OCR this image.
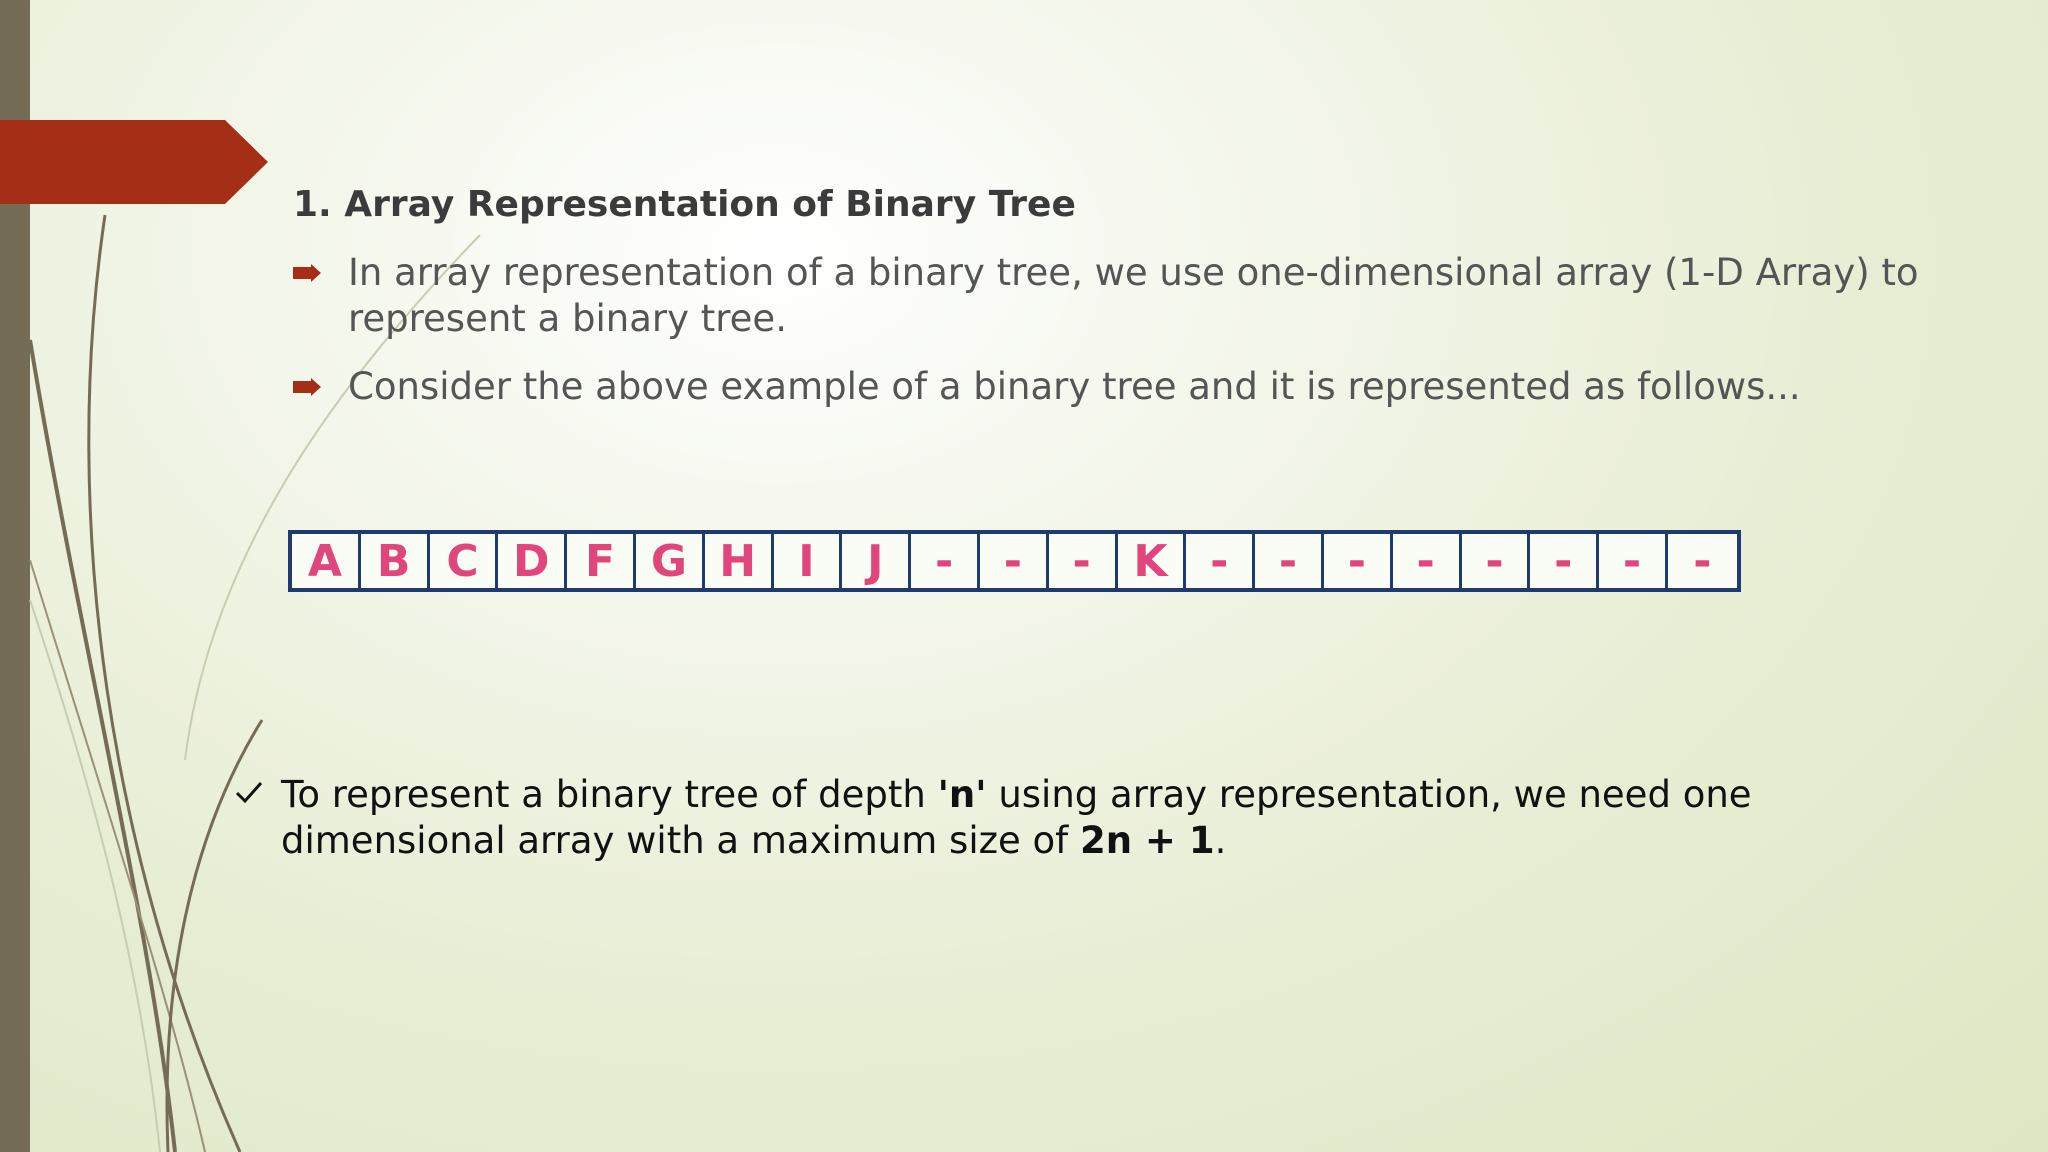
1. Array Representation of Binary Tree
In array representation of a binary tree, we use one-dimensional array (1-D Array) to represent a binary tree.
Consider the above example of a binary tree and it is represented as follows...
A B C D F G H I	J	-	-	- K -	-	-	-	-	-	-	-
To represent a binary tree of depth 'n' using array representation, we need one dimensional array with a maximum size of 2n + 1.
